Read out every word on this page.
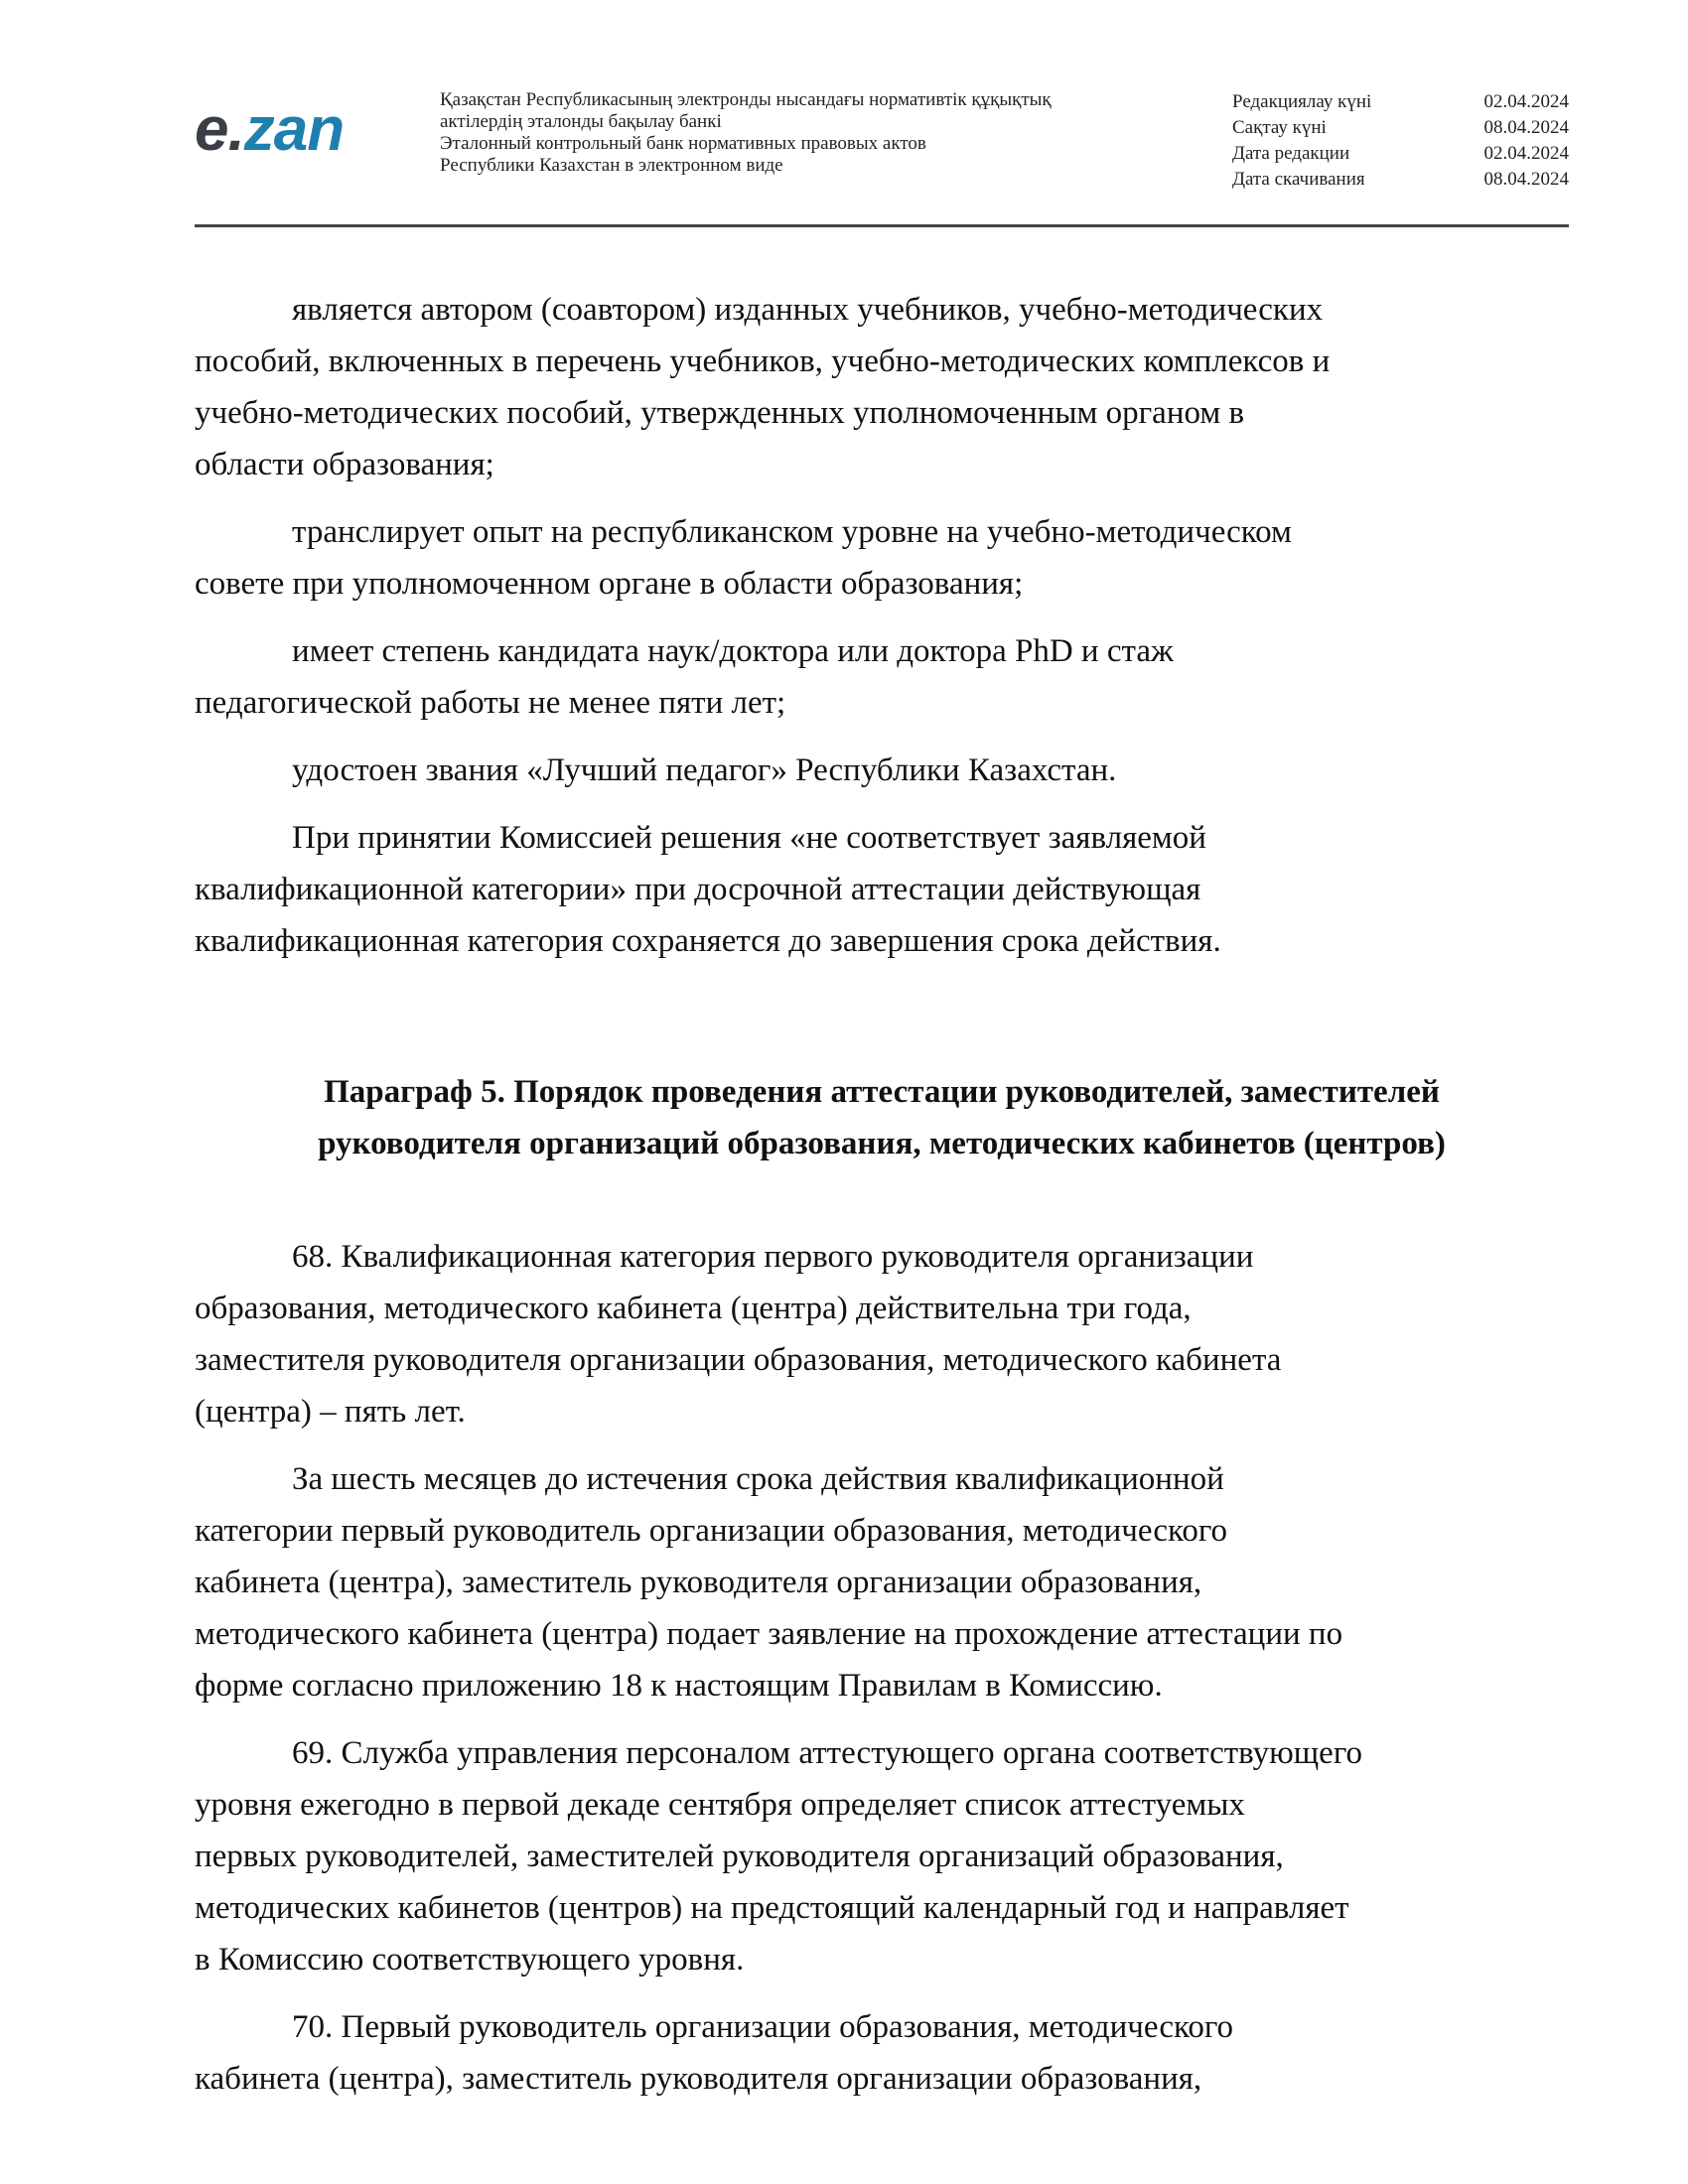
e.zan	Қазақстан Республикасының электронды нысандағы нормативтік құқықтық
актілердің эталонды бақылау банкі
Эталонный контрольный банк нормативных правовых актов
Республики Казахстан в электронном виде
Редакциялау күні	02.04.2024
Сақтау күні	08.04.2024
Дата редакции	02.04.2024
Дата скачивания	08.04.2024

является автором (соавтором) изданных учебников, учебно-методических
пособий, включенных в перечень учебников, учебно-методических комплексов и
учебно-методических пособий, утвержденных уполномоченным органом в
области образования;

транслирует опыт на республиканском уровне на учебно-методическом
совете при уполномоченном органе в области образования;

имеет степень кандидата наук/доктора или доктора PhD и стаж
педагогической работы не менее пяти лет;

удостоен звания «Лучший педагог» Республики Казахстан.

При принятии Комиссией решения «не соответствует заявляемой
квалификационной категории» при досрочной аттестации действующая
квалификационная категория сохраняется до завершения срока действия.

Параграф 5. Порядок проведения аттестации руководителей, заместителей
руководителя организаций образования, методических кабинетов (центров)

68. Квалификационная категория первого руководителя организации
образования, методического кабинета (центра) действительна три года,
заместителя руководителя организации образования, методического кабинета
(центра) – пять лет.

За шесть месяцев до истечения срока действия квалификационной
категории первый руководитель организации образования, методического
кабинета (центра), заместитель руководителя организации образования,
методического кабинета (центра) подает заявление на прохождение аттестации по
форме согласно приложению 18 к настоящим Правилам в Комиссию.

69. Служба управления персоналом аттестующего органа соответствующего
уровня ежегодно в первой декаде сентября определяет список аттестуемых
первых руководителей, заместителей руководителя организаций образования,
методических кабинетов (центров) на предстоящий календарный год и направляет
в Комиссию соответствующего уровня.

70. Первый руководитель организации образования, методического
кабинета (центра), заместитель руководителя организации образования,
